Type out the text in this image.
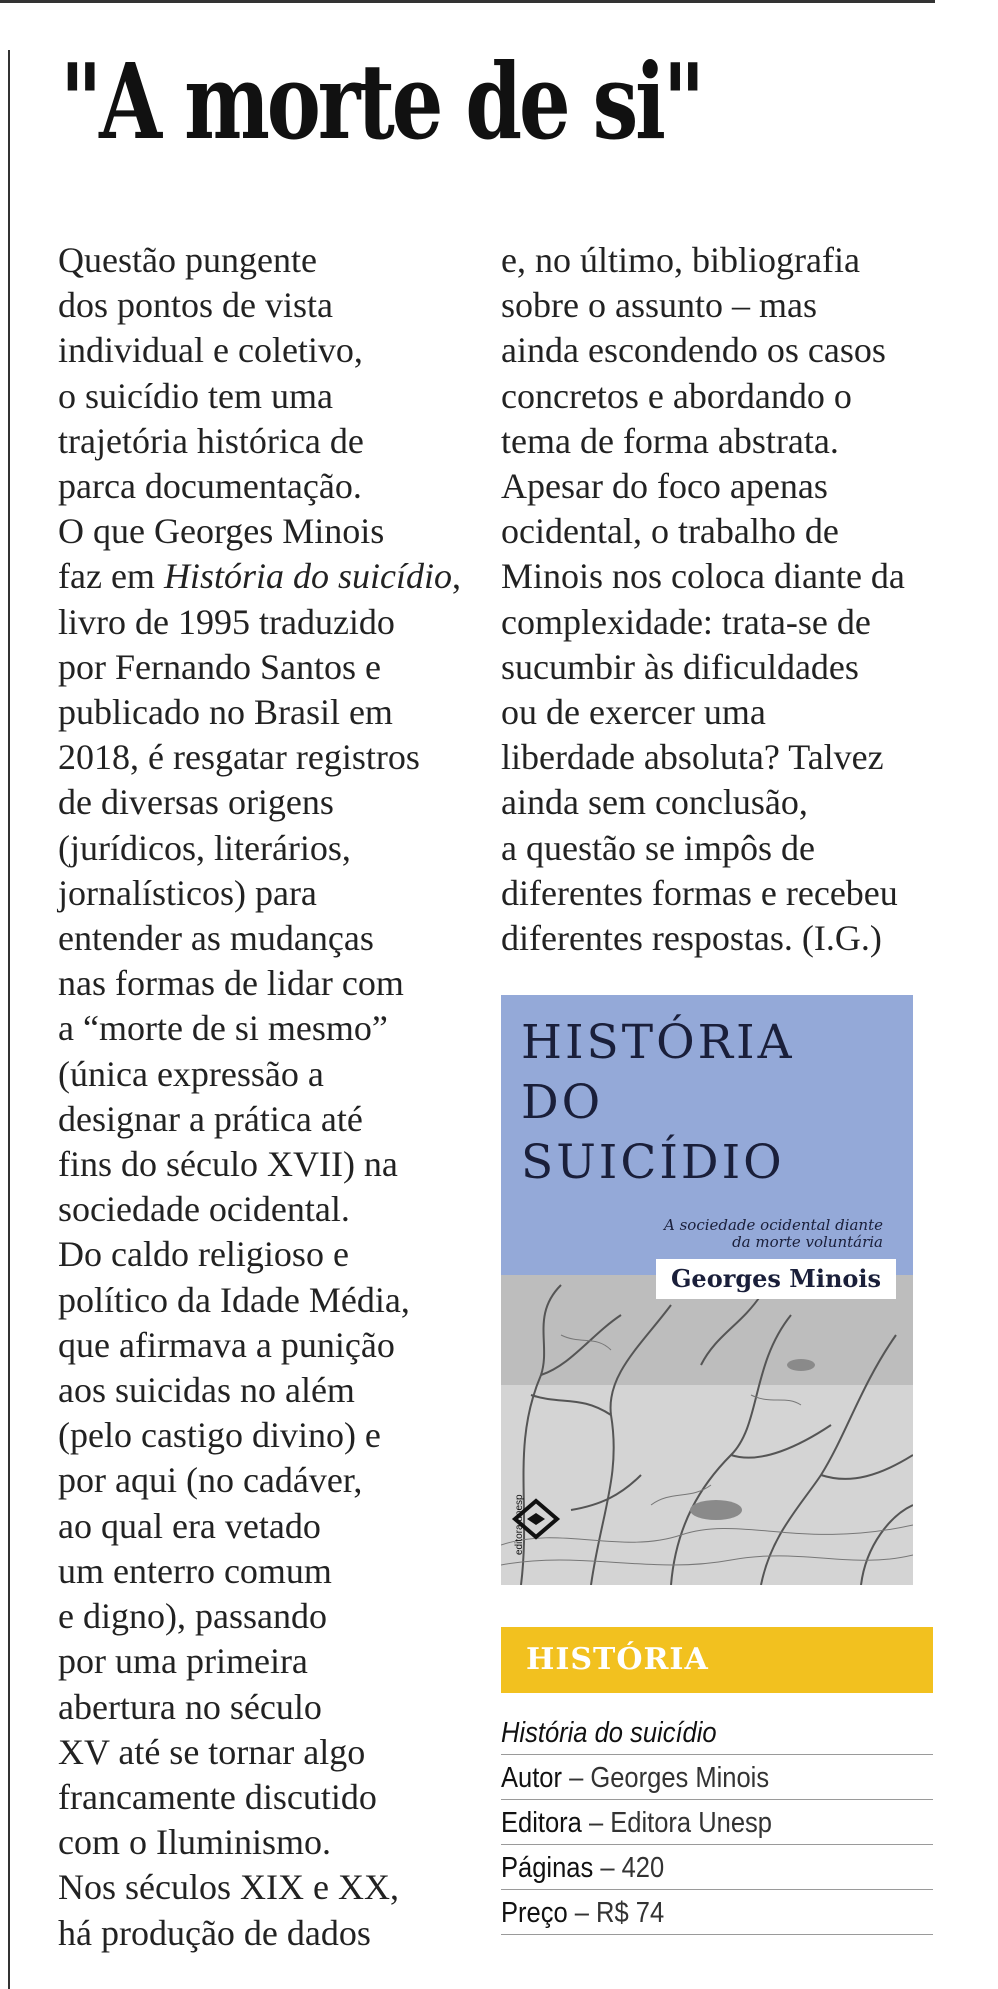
"A morte de si"
Questão pungente
dos pontos de vista
individual e coletivo,
o suicídio tem uma
trajetória histórica de
parca documentação.
O que Georges Minois
faz em História do suicídio,
livro de 1995 traduzido
por Fernando Santos e
publicado no Brasil em
2018, é resgatar registros
de diversas origens
(jurídicos, literários,
jornalísticos) para
entender as mudanças
nas formas de lidar com
a “morte de si mesmo”
(única expressão a
designar a prática até
fins do século XVII) na
sociedade ocidental.
Do caldo religioso e
político da Idade Média,
que afirmava a punição
aos suicidas no além
(pelo castigo divino) e
por aqui (no cadáver,
ao qual era vetado
um enterro comum
e digno), passando
por uma primeira
abertura no século
XV até se tornar algo
francamente discutido
com o Iluminismo.
Nos séculos XIX e XX,
há produção de dados
e, no último, bibliografia
sobre o assunto – mas
ainda escondendo os casos
concretos e abordando o
tema de forma abstrata.
Apesar do foco apenas
ocidental, o trabalho de
Minois nos coloca diante da
complexidade: trata-se de
sucumbir às dificuldades
ou de exercer uma
liberdade absoluta? Talvez
ainda sem conclusão,
a questão se impôs de
diferentes formas e recebeu
diferentes respostas. (I.G.)
HISTÓRIA
DO
SUICÍDIO
A sociedade ocidental diante
da morte voluntária
Georges Minois
editora unesp
HISTÓRIA
História do suicídio
Autor – Georges Minois
Editora – Editora Unesp
Páginas – 420
Preço – R$ 74
